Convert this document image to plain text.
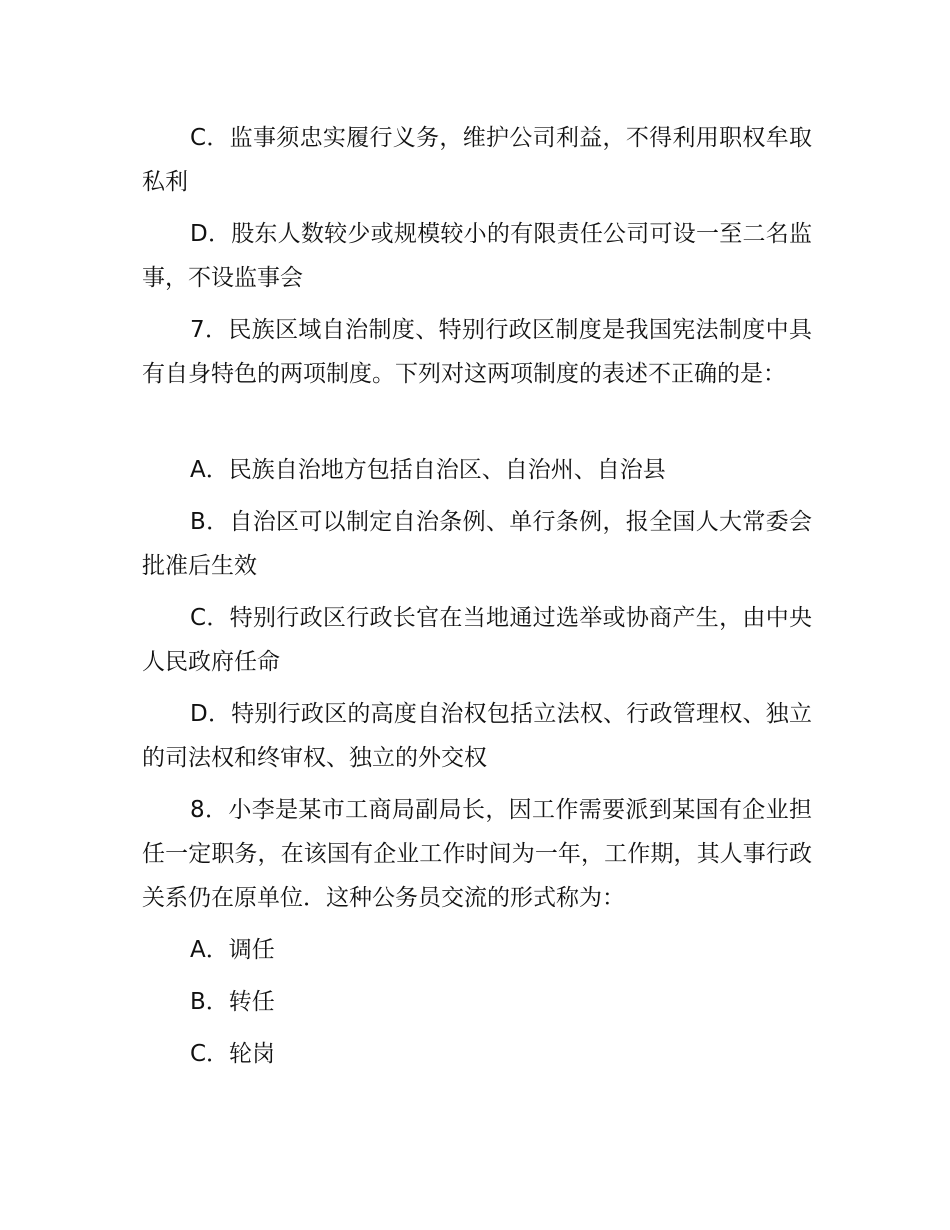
C．监事须忠实履行义务，维护公司利益，不得利用职权牟取私利

D．股东人数较少或规模较小的有限责任公司可设一至二名监事，不设监事会

7．民族区域自治制度、特别行政区制度是我国宪法制度中具有自身特色的两项制度。下列对这两项制度的表述不正确的是：

A．民族自治地方包括自治区、自治州、自治县

B．自治区可以制定自治条例、单行条例，报全国人大常委会批准后生效

C．特别行政区行政长官在当地通过选举或协商产生，由中央人民政府任命

D．特别行政区的高度自治权包括立法权、行政管理权、独立的司法权和终审权、独立的外交权

8．小李是某市工商局副局长，因工作需要派到某国有企业担任一定职务，在该国有企业工作时间为一年，工作期，其人事行政关系仍在原单位．这种公务员交流的形式称为：

A．调任

B．转任

C．轮岗
